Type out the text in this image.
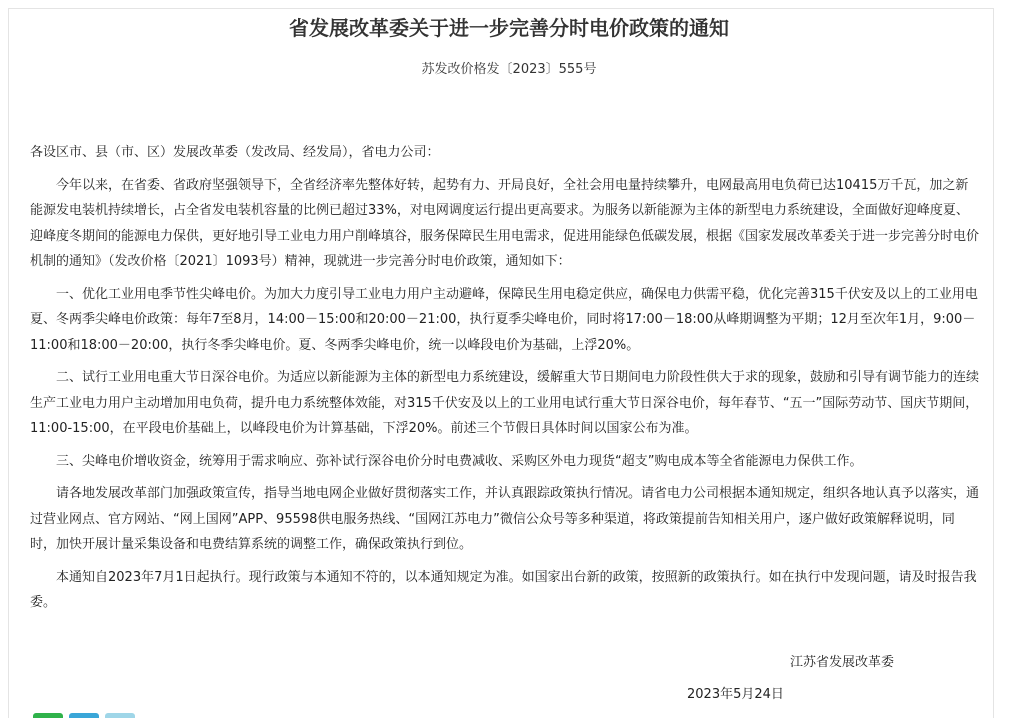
省发展改革委关于进一步完善分时电价政策的通知
苏发改价格发〔2023〕555号

各设区市、县（市、区）发展改革委（发改局、经发局），省电力公司：

今年以来，在省委、省政府坚强领导下，全省经济率先整体好转，起势有力、开局良好，全社会用电量持续攀升，电网最高用电负荷已达10415万千瓦，加之新能源发电装机持续增长，占全省发电装机容量的比例已超过33%，对电网调度运行提出更高要求。为服务以新能源为主体的新型电力系统建设，全面做好迎峰度夏、迎峰度冬期间的能源电力保供，更好地引导工业电力用户削峰填谷，服务保障民生用电需求，促进用能绿色低碳发展，根据《国家发展改革委关于进一步完善分时电价机制的通知》（发改价格〔2021〕1093号）精神，现就进一步完善分时电价政策，通知如下：

一、优化工业用电季节性尖峰电价。为加大力度引导工业电力用户主动避峰，保障民生用电稳定供应，确保电力供需平稳，优化完善315千伏安及以上的工业用电夏、冬两季尖峰电价政策：每年7至8月，14:00－15:00和20:00－21:00，执行夏季尖峰电价，同时将17:00－18:00从峰期调整为平期；12月至次年1月，9:00－11:00和18:00－20:00，执行冬季尖峰电价。夏、冬两季尖峰电价，统一以峰段电价为基础，上浮20%。

二、试行工业用电重大节日深谷电价。为适应以新能源为主体的新型电力系统建设，缓解重大节日期间电力阶段性供大于求的现象，鼓励和引导有调节能力的连续生产工业电力用户主动增加用电负荷，提升电力系统整体效能，对315千伏安及以上的工业用电试行重大节日深谷电价，每年春节、“五一”国际劳动节、国庆节期间，11:00-15:00，在平段电价基础上，以峰段电价为计算基础，下浮20%。前述三个节假日具体时间以国家公布为准。

三、尖峰电价增收资金，统筹用于需求响应、弥补试行深谷电价分时电费减收、采购区外电力现货“超支”购电成本等全省能源电力保供工作。

请各地发展改革部门加强政策宣传，指导当地电网企业做好贯彻落实工作，并认真跟踪政策执行情况。请省电力公司根据本通知规定，组织各地认真予以落实，通过营业网点、官方网站、“网上国网”APP、95598供电服务热线、“国网江苏电力”微信公众号等多种渠道，将政策提前告知相关用户，逐户做好政策解释说明，同时，加快开展计量采集设备和电费结算系统的调整工作，确保政策执行到位。

本通知自2023年7月1日起执行。现行政策与本通知不符的，以本通知规定为准。如国家出台新的政策，按照新的政策执行。如在执行中发现问题，请及时报告我委。

江苏省发展改革委
2023年5月24日
